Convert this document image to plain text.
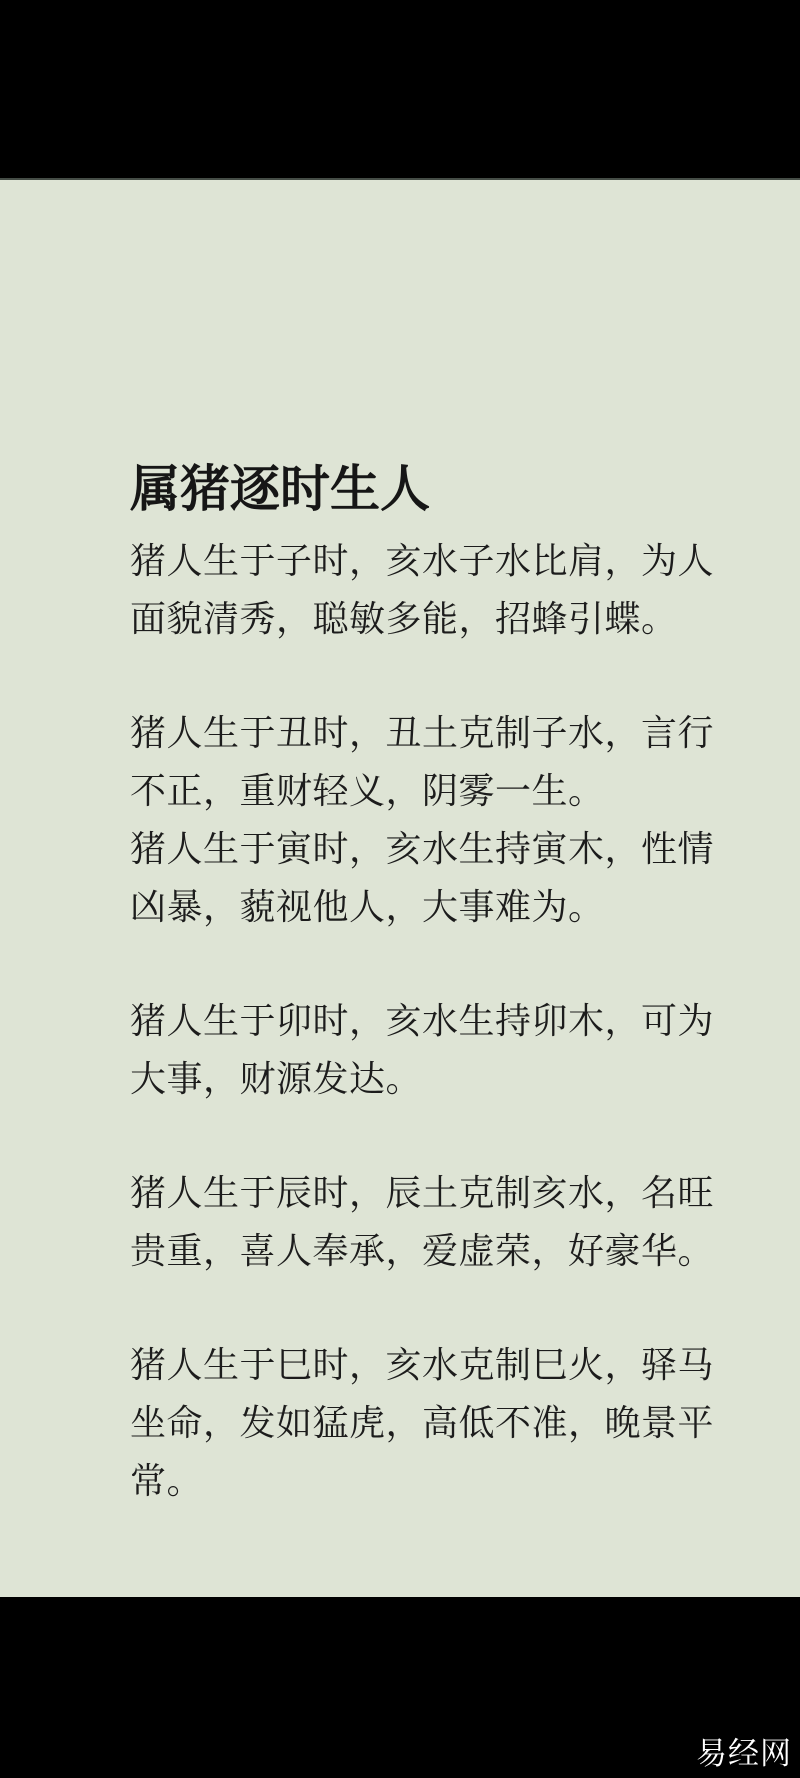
属猪逐时生人
猪人生于子时，亥水子水比肩，为人
面貌清秀，聪敏多能，招蜂引蝶。
猪人生于丑时，丑土克制子水，言行
不正，重财轻义，阴雾一生。
猪人生于寅时，亥水生持寅木，性情
凶暴，藐视他人，大事难为。
猪人生于卯时，亥水生持卯木，可为
大事，财源发达。
猪人生于辰时，辰土克制亥水，名旺
贵重，喜人奉承，爱虚荣，好豪华。
猪人生于巳时，亥水克制巳火，驿马
坐命，发如猛虎，高低不准，晚景平
常。
易经网
